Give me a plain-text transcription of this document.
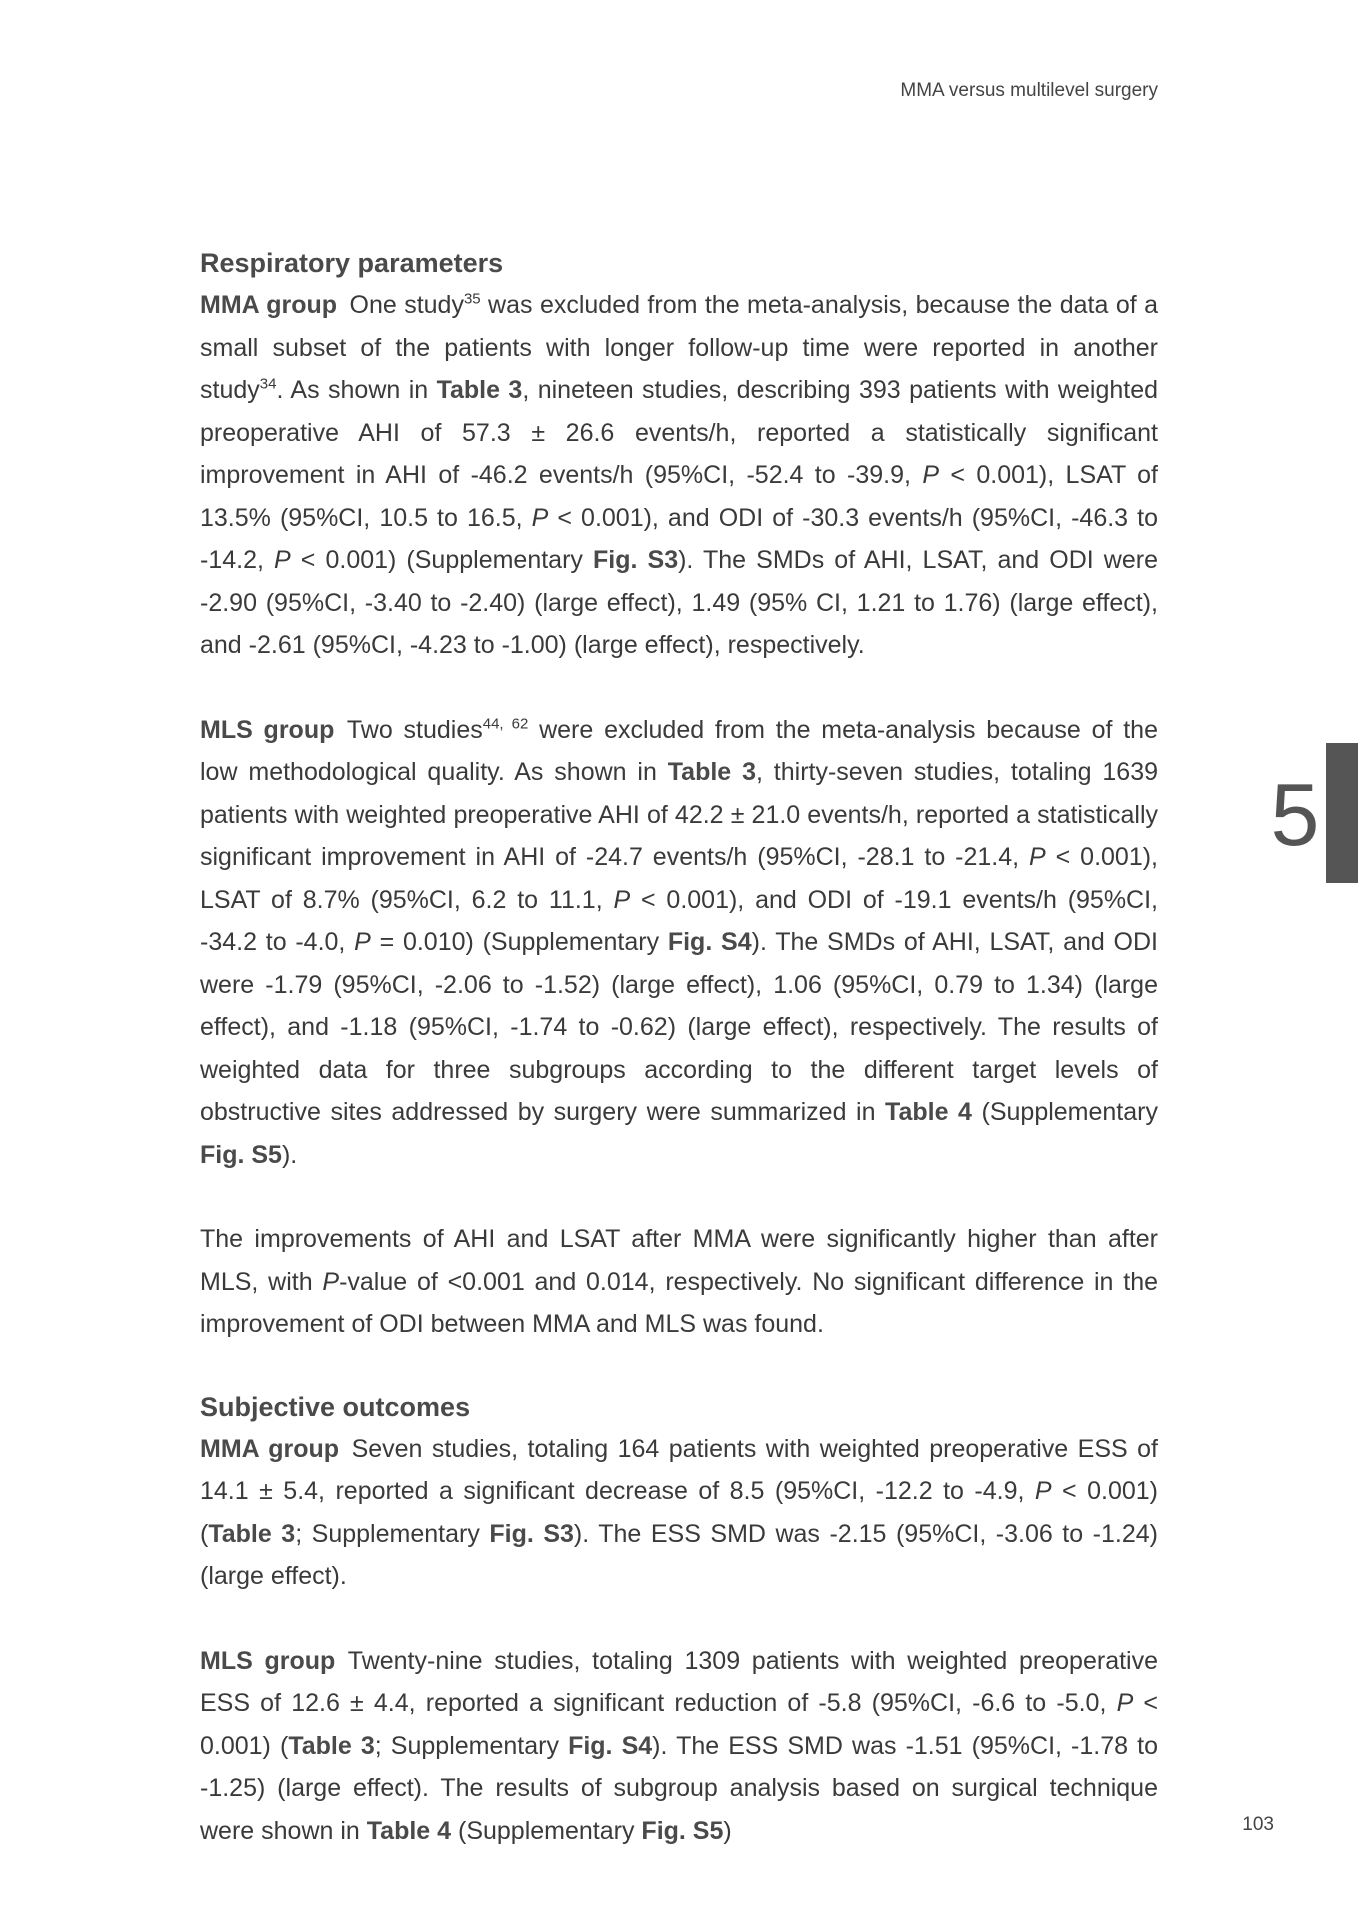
MMA versus multilevel surgery
Respiratory parameters

MMA group  One study$^{35}$ was excluded from the meta-analysis, because the data of a small subset of the patients with longer follow-up time were reported in another study$^{34}$. As shown in Table 3, nineteen studies, describing 393 patients with weighted preoperative AHI of 57.3 ± 26.6 events/h, reported a statistically significant improvement in AHI of -46.2 events/h (95%CI, -52.4 to -39.9, P < 0.001), LSAT of 13.5% (95%CI, 10.5 to 16.5, P < 0.001), and ODI of -30.3 events/h (95%CI, -46.3 to -14.2, P < 0.001) (Supplementary Fig. S3). The SMDs of AHI, LSAT, and ODI were -2.90 (95%CI, -3.40 to -2.40) (large effect), 1.49 (95% CI, 1.21 to 1.76) (large effect), and -2.61 (95%CI, -4.23 to -1.00) (large effect), respectively.

MLS group  Two studies$^{44, 62}$ were excluded from the meta-analysis because of the low methodological quality. As shown in Table 3, thirty-seven studies, totaling 1639 patients with weighted preoperative AHI of 42.2 ± 21.0 events/h, reported a statistically significant improvement in AHI of -24.7 events/h (95%CI, -28.1 to -21.4, P < 0.001), LSAT of 8.7% (95%CI, 6.2 to 11.1, P < 0.001), and ODI of -19.1 events/h (95%CI, -34.2 to -4.0, P = 0.010) (Supplementary Fig. S4). The SMDs of AHI, LSAT, and ODI were -1.79 (95%CI, -2.06 to -1.52) (large effect), 1.06 (95%CI, 0.79 to 1.34) (large effect), and -1.18 (95%CI, -1.74 to -0.62) (large effect), respectively. The results of weighted data for three subgroups according to the different target levels of obstructive sites addressed by surgery were summarized in Table 4 (Supplementary Fig. S5).

The improvements of AHI and LSAT after MMA were significantly higher than after MLS, with P-value of <0.001 and 0.014, respectively. No significant difference in the improvement of ODI between MMA and MLS was found.

Subjective outcomes

MMA group  Seven studies, totaling 164 patients with weighted preoperative ESS of 14.1 ± 5.4, reported a significant decrease of 8.5 (95%CI, -12.2 to -4.9, P < 0.001) (Table 3; Supplementary Fig. S3). The ESS SMD was -2.15 (95%CI, -3.06 to -1.24) (large effect).

MLS group  Twenty-nine studies, totaling 1309 patients with weighted preoperative ESS of 12.6 ± 4.4, reported a significant reduction of -5.8 (95%CI, -6.6 to -5.0, P < 0.001) (Table 3; Supplementary Fig. S4). The ESS SMD was -1.51 (95%CI, -1.78 to -1.25) (large effect). The results of subgroup analysis based on surgical technique were shown in Table 4 (Supplementary Fig. S5)

5
103
